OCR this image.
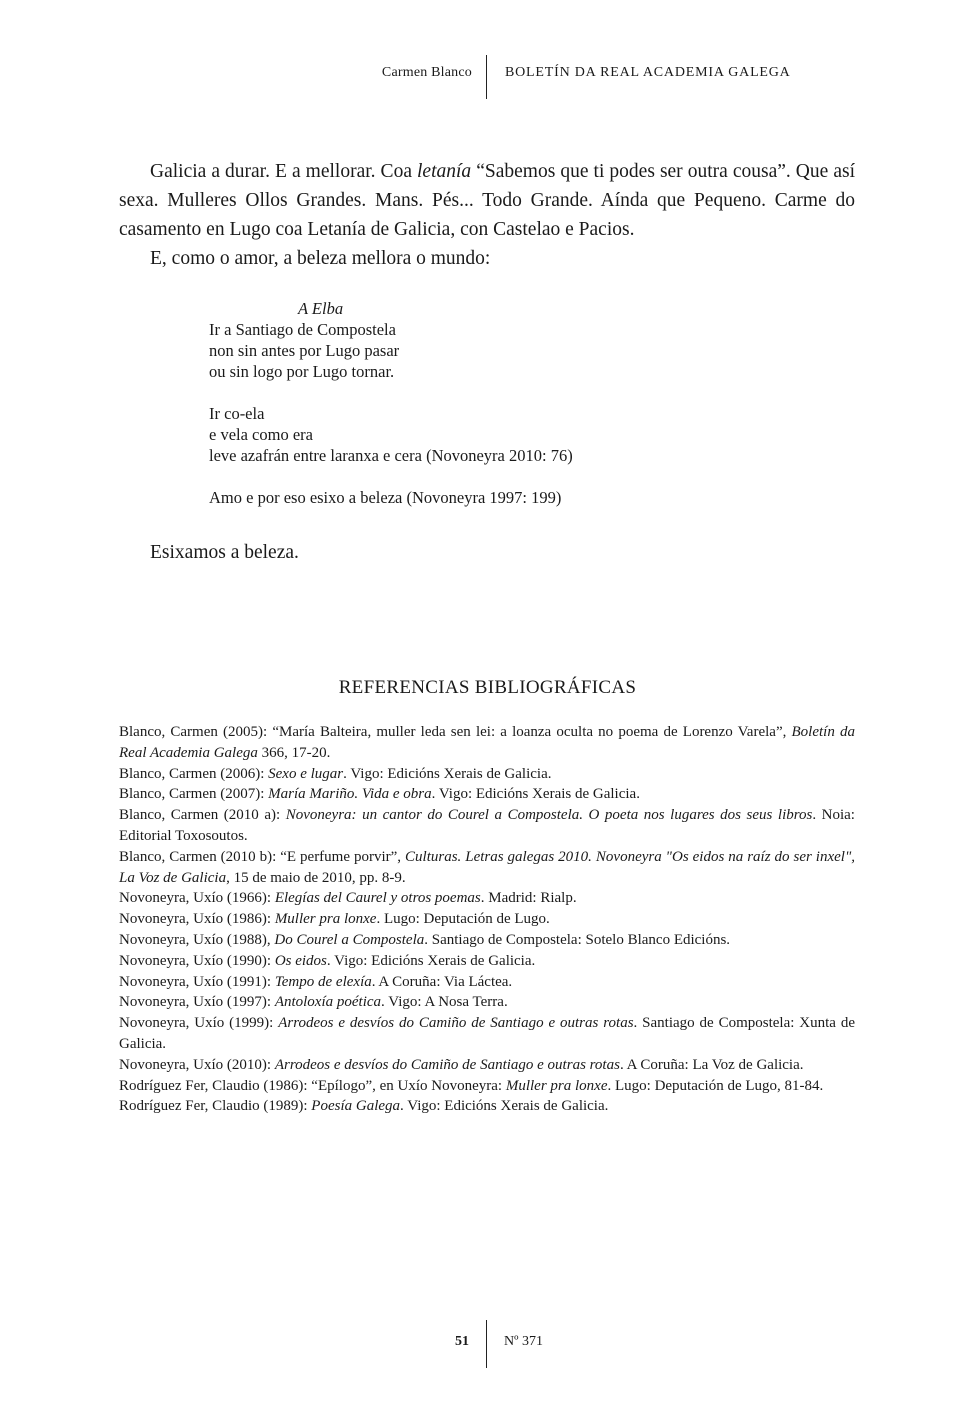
Carmen Blanco BOLETÍN DA REAL ACADEMIA GALEGA

Galicia a durar. E a mellorar. Coa letanía “Sabemos que ti podes ser outra cousa”. Que así sexa. Mulleres Ollos Grandes. Mans. Pés... Todo Grande. Aínda que Pequeno. Carme do casamento en Lugo coa Letanía de Galicia, con Castelao e Pacios.

E, como o amor, a beleza mellora o mundo:

A Elba
Ir a Santiago de Compostela
non sin antes por Lugo pasar
ou sin logo por Lugo tornar.
Ir co-ela
e vela como era
leve azafrán entre laranxa e cera (Novoneyra 2010: 76)
Amo e por eso esixo a beleza (Novoneyra 1997: 199)
Esixamos a beleza.
REFERENCIAS BIBLIOGRÁFICAS
Blanco, Carmen (2005): “María Balteira, muller leda sen lei: a loanza oculta no poema de Lorenzo Varela”, Boletín da Real Academia Galega 366, 17-20.
Blanco, Carmen (2006): Sexo e lugar. Vigo: Edicións Xerais de Galicia.
Blanco, Carmen (2007): María Mariño. Vida e obra. Vigo: Edicións Xerais de Galicia.
Blanco, Carmen (2010 a): Novoneyra: un cantor do Courel a Compostela. O poeta nos lugares dos seus libros. Noia: Editorial Toxosoutos.
Blanco, Carmen (2010 b): “E perfume porvir”, Culturas. Letras galegas 2010. Novoneyra "Os eidos na raíz do ser inxel", La Voz de Galicia, 15 de maio de 2010, pp. 8-9.
Novoneyra, Uxío (1966): Elegías del Caurel y otros poemas. Madrid: Rialp.
Novoneyra, Uxío (1986): Muller pra lonxe. Lugo: Deputación de Lugo.
Novoneyra, Uxío (1988), Do Courel a Compostela. Santiago de Compostela: Sotelo Blanco Edicións.
Novoneyra, Uxío (1990): Os eidos. Vigo: Edicións Xerais de Galicia.
Novoneyra, Uxío (1991): Tempo de elexía. A Coruña: Via Láctea.
Novoneyra, Uxío (1997): Antoloxía poética. Vigo: A Nosa Terra.
Novoneyra, Uxío (1999): Arrodeos e desvíos do Camiño de Santiago e outras rotas. Santiago de Compostela: Xunta de Galicia.
Novoneyra, Uxío (2010): Arrodeos e desvíos do Camiño de Santiago e outras rotas. A Coruña: La Voz de Galicia.
Rodríguez Fer, Claudio (1986): “Epílogo”, en Uxío Novoneyra: Muller pra lonxe. Lugo: Deputación de Lugo, 81-84.
Rodríguez Fer, Claudio (1989): Poesía Galega. Vigo: Edicións Xerais de Galicia.
51	Nº 371
